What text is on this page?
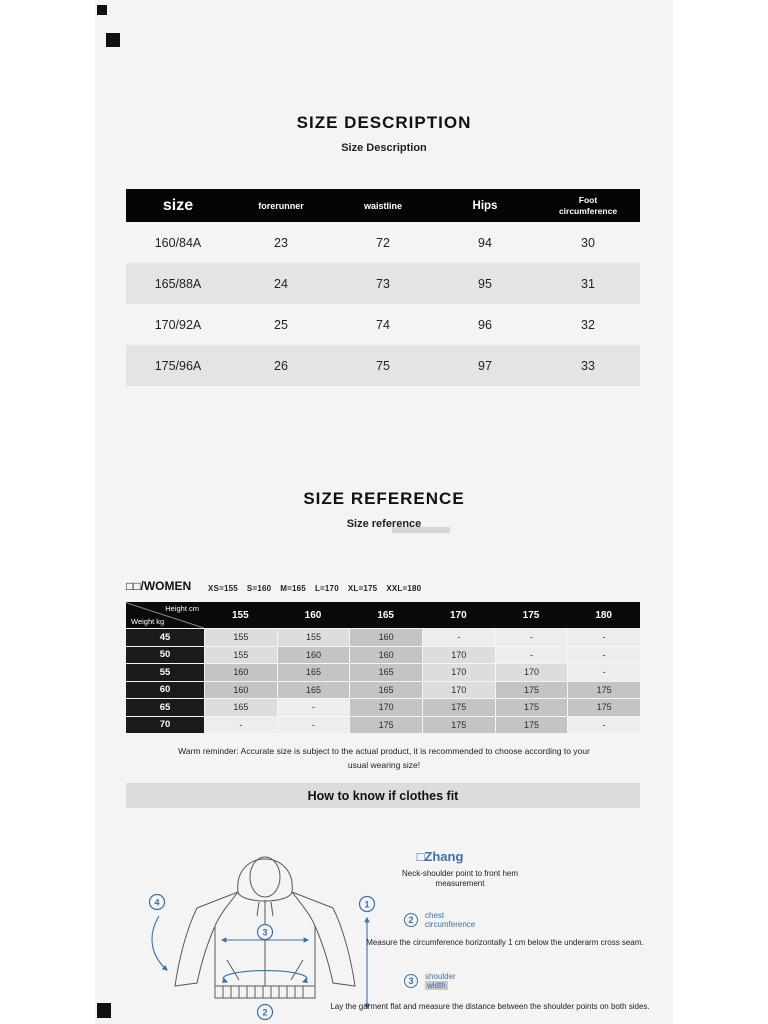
SIZE DESCRIPTION
Size Description
size	forerunner	waistline	Hips	Foot circumference
160/84A	23	72	94	30
165/88A	24	73	95	31
170/92A	25	74	96	32
175/96A	26	75	97	33
SIZE REFERENCE
Size reference
□□/WOMEN XS=155 S=160 M=165 L=170 XL=175 XXL=180
Height cm
Weight kg
155	160	165	170	175	180
45	155	155	160	-	-	-
50	155	160	160	170	-	-
55	160	165	165	170	170	-
60	160	165	165	170	175	175
65	165	-	170	175	175	175
70	-	-	175	175	175	-
Warm reminder: Accurate size is subject to the actual product, it is recommended to choose according to your
usual wearing size!
How to know if clothes fit
1
3
4
2
□Zhang
Neck-shoulder point to front hem
measurement
2	chest
circumference
Measure the circumference horizontally 1 cm below the underarm cross seam.
3	shoulder
width
Lay the garment flat and measure the distance between the shoulder points on both sides.
